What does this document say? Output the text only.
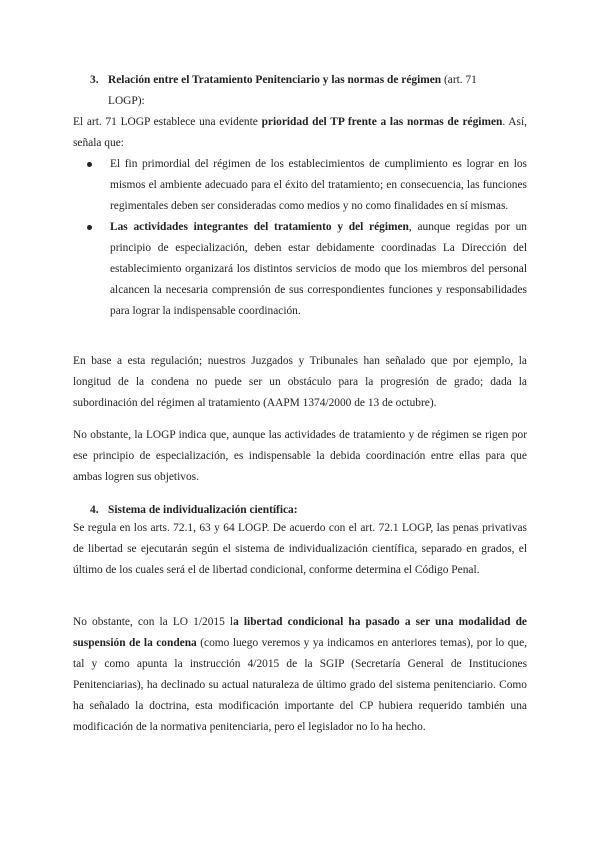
3. Relación entre el Tratamiento Penitenciario y las normas de régimen (art. 71
LOGP):

El art. 71 LOGP establece una evidente prioridad del TP frente a las normas de régimen. Así, señala que:

El fin primordial del régimen de los establecimientos de cumplimiento es lograr en los mismos el ambiente adecuado para el éxito del tratamiento; en consecuencia, las funciones regimentales deben ser consideradas como medios y no como finalidades en sí mismas.
Las actividades integrantes del tratamiento y del régimen, aunque regidas por un principio de especialización, deben estar debidamente coordinadas La Dirección del establecimiento organizará los distintos servicios de modo que los miembros del personal alcancen la necesaria comprensión de sus correspondientes funciones y responsabilidades para lograr la indispensable coordinación.

En base a esta regulación; nuestros Juzgados y Tribunales han señalado que por ejemplo, la longitud de la condena no puede ser un obstáculo para la progresión de grado; dada la subordinación del régimen al tratamiento (AAPM 1374/2000 de 13 de octubre).

No obstante, la LOGP indica que, aunque las actividades de tratamiento y de régimen se rigen por ese principio de especialización, es indispensable la debida coordinación entre ellas para que ambas logren sus objetivos.

4. Sistema de individualización científica:

Se regula en los arts. 72.1, 63 y 64 LOGP. De acuerdo con el art. 72.1 LOGP, las penas privativas de libertad se ejecutarán según el sistema de individualización científica, separado en grados, el último de los cuales será el de libertad condicional, conforme determina el Código Penal.

No obstante, con la LO 1/2015 la libertad condicional ha pasado a ser una modalidad de suspensión de la condena (como luego veremos y ya indicamos en anteriores temas), por lo que, tal y como apunta la instrucción 4/2015 de la SGIP (Secretaría General de Instituciones Penitenciarias), ha declinado su actual naturaleza de último grado del sistema penitenciario. Como ha señalado la doctrina, esta modificación importante del CP hubiera requerido también una modificación de la normativa penitenciaria, pero el legislador no lo ha hecho.
